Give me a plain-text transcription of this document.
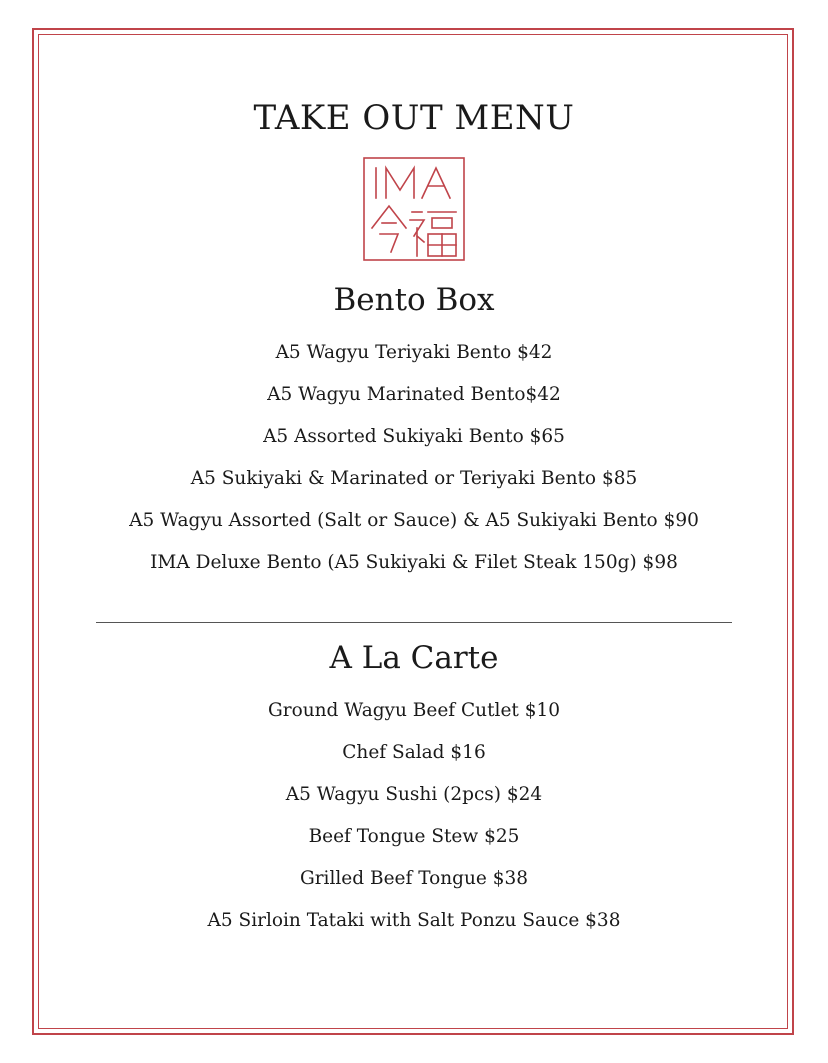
TAKE OUT MENU
Bento Box
A5 Wagyu Teriyaki Bento $42
A5 Wagyu Marinated Bento$42
A5 Assorted Sukiyaki Bento $65
A5 Sukiyaki & Marinated or Teriyaki Bento $85
A5 Wagyu Assorted (Salt or Sauce) & A5 Sukiyaki Bento $90
IMA Deluxe Bento (A5 Sukiyaki & Filet Steak 150g) $98
A La Carte
Ground Wagyu Beef Cutlet $10
Chef Salad $16
A5 Wagyu Sushi (2pcs) $24
Beef Tongue Stew $25
Grilled Beef Tongue $38
A5 Sirloin Tataki with Salt Ponzu Sauce $38
